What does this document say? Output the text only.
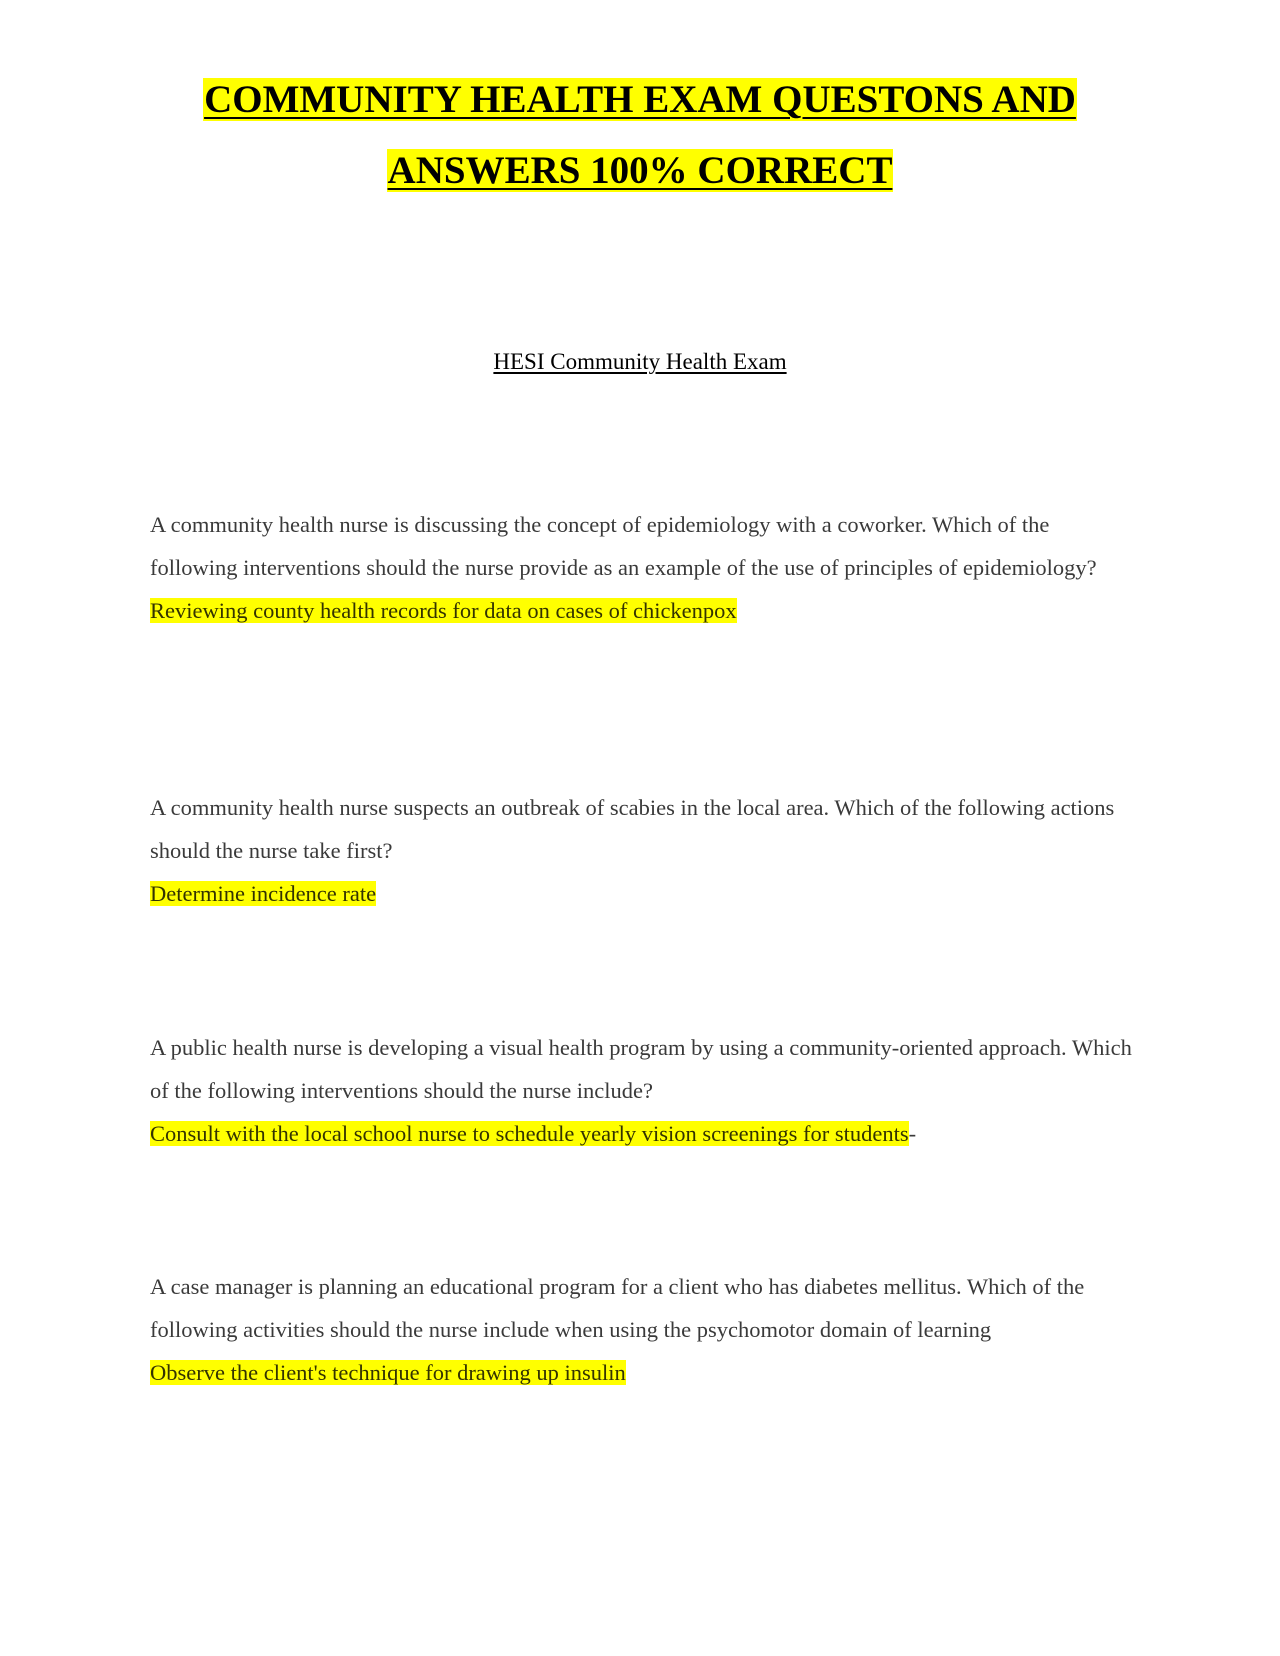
COMMUNITY HEALTH EXAM QUESTONS AND
ANSWERS 100% CORRECT
HESI Community Health Exam

A community health nurse is discussing the concept of epidemiology with a coworker. Which of the following interventions should the nurse provide as an example of the use of principles of epidemiology?

Reviewing county health records for data on cases of chickenpox

A community health nurse suspects an outbreak of scabies in the local area. Which of the following actions should the nurse take first?

Determine incidence rate

A public health nurse is developing a visual health program by using a community-oriented approach. Which of the following interventions should the nurse include?

Consult with the local school nurse to schedule yearly vision screenings for students-

A case manager is planning an educational program for a client who has diabetes mellitus. Which of the following activities should the nurse include when using the psychomotor domain of learning

Observe the client's technique for drawing up insulin
